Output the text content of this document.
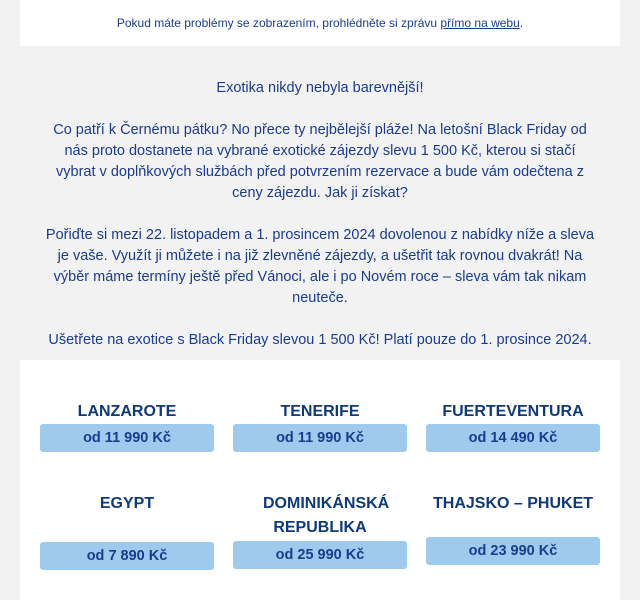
Pokud máte problémy se zobrazením, prohlédněte si zprávu přímo na webu.

Exotika nikdy nebyla barevnější!

Co patří k Černému pátku? No přece ty nejbělejší pláže! Na letošní Black Friday od nás proto dostanete na vybrané exotické zájezdy slevu 1 500 Kč, kterou si stačí vybrat v doplňkových službách před potvrzením rezervace a bude vám odečtena z ceny zájezdu. Jak ji získat?

Pořiďte si mezi 22. listopadem a 1. prosincem 2024 dovolenou z nabídky níže a sleva je vaše. Využít ji můžete i na již zlevněné zájezdy, a ušetřit tak rovnou dvakrát! Na výběr máme termíny ještě před Vánoci, ale i po Novém roce – sleva vám tak nikam neuteče.

Ušetřete na exotice s Black Friday slevou 1 500 Kč! Platí pouze do 1. prosince 2024.

LANZAROTE
od 11 990 Kč
TENERIFE
od 11 990 Kč
FUERTEVENTURA
od 14 490 Kč
EGYPT
od 7 890 Kč
DOMINIKÁNSKÁ REPUBLIKA
od 25 990 Kč
THAJSKO – PHUKET
od 23 990 Kč
